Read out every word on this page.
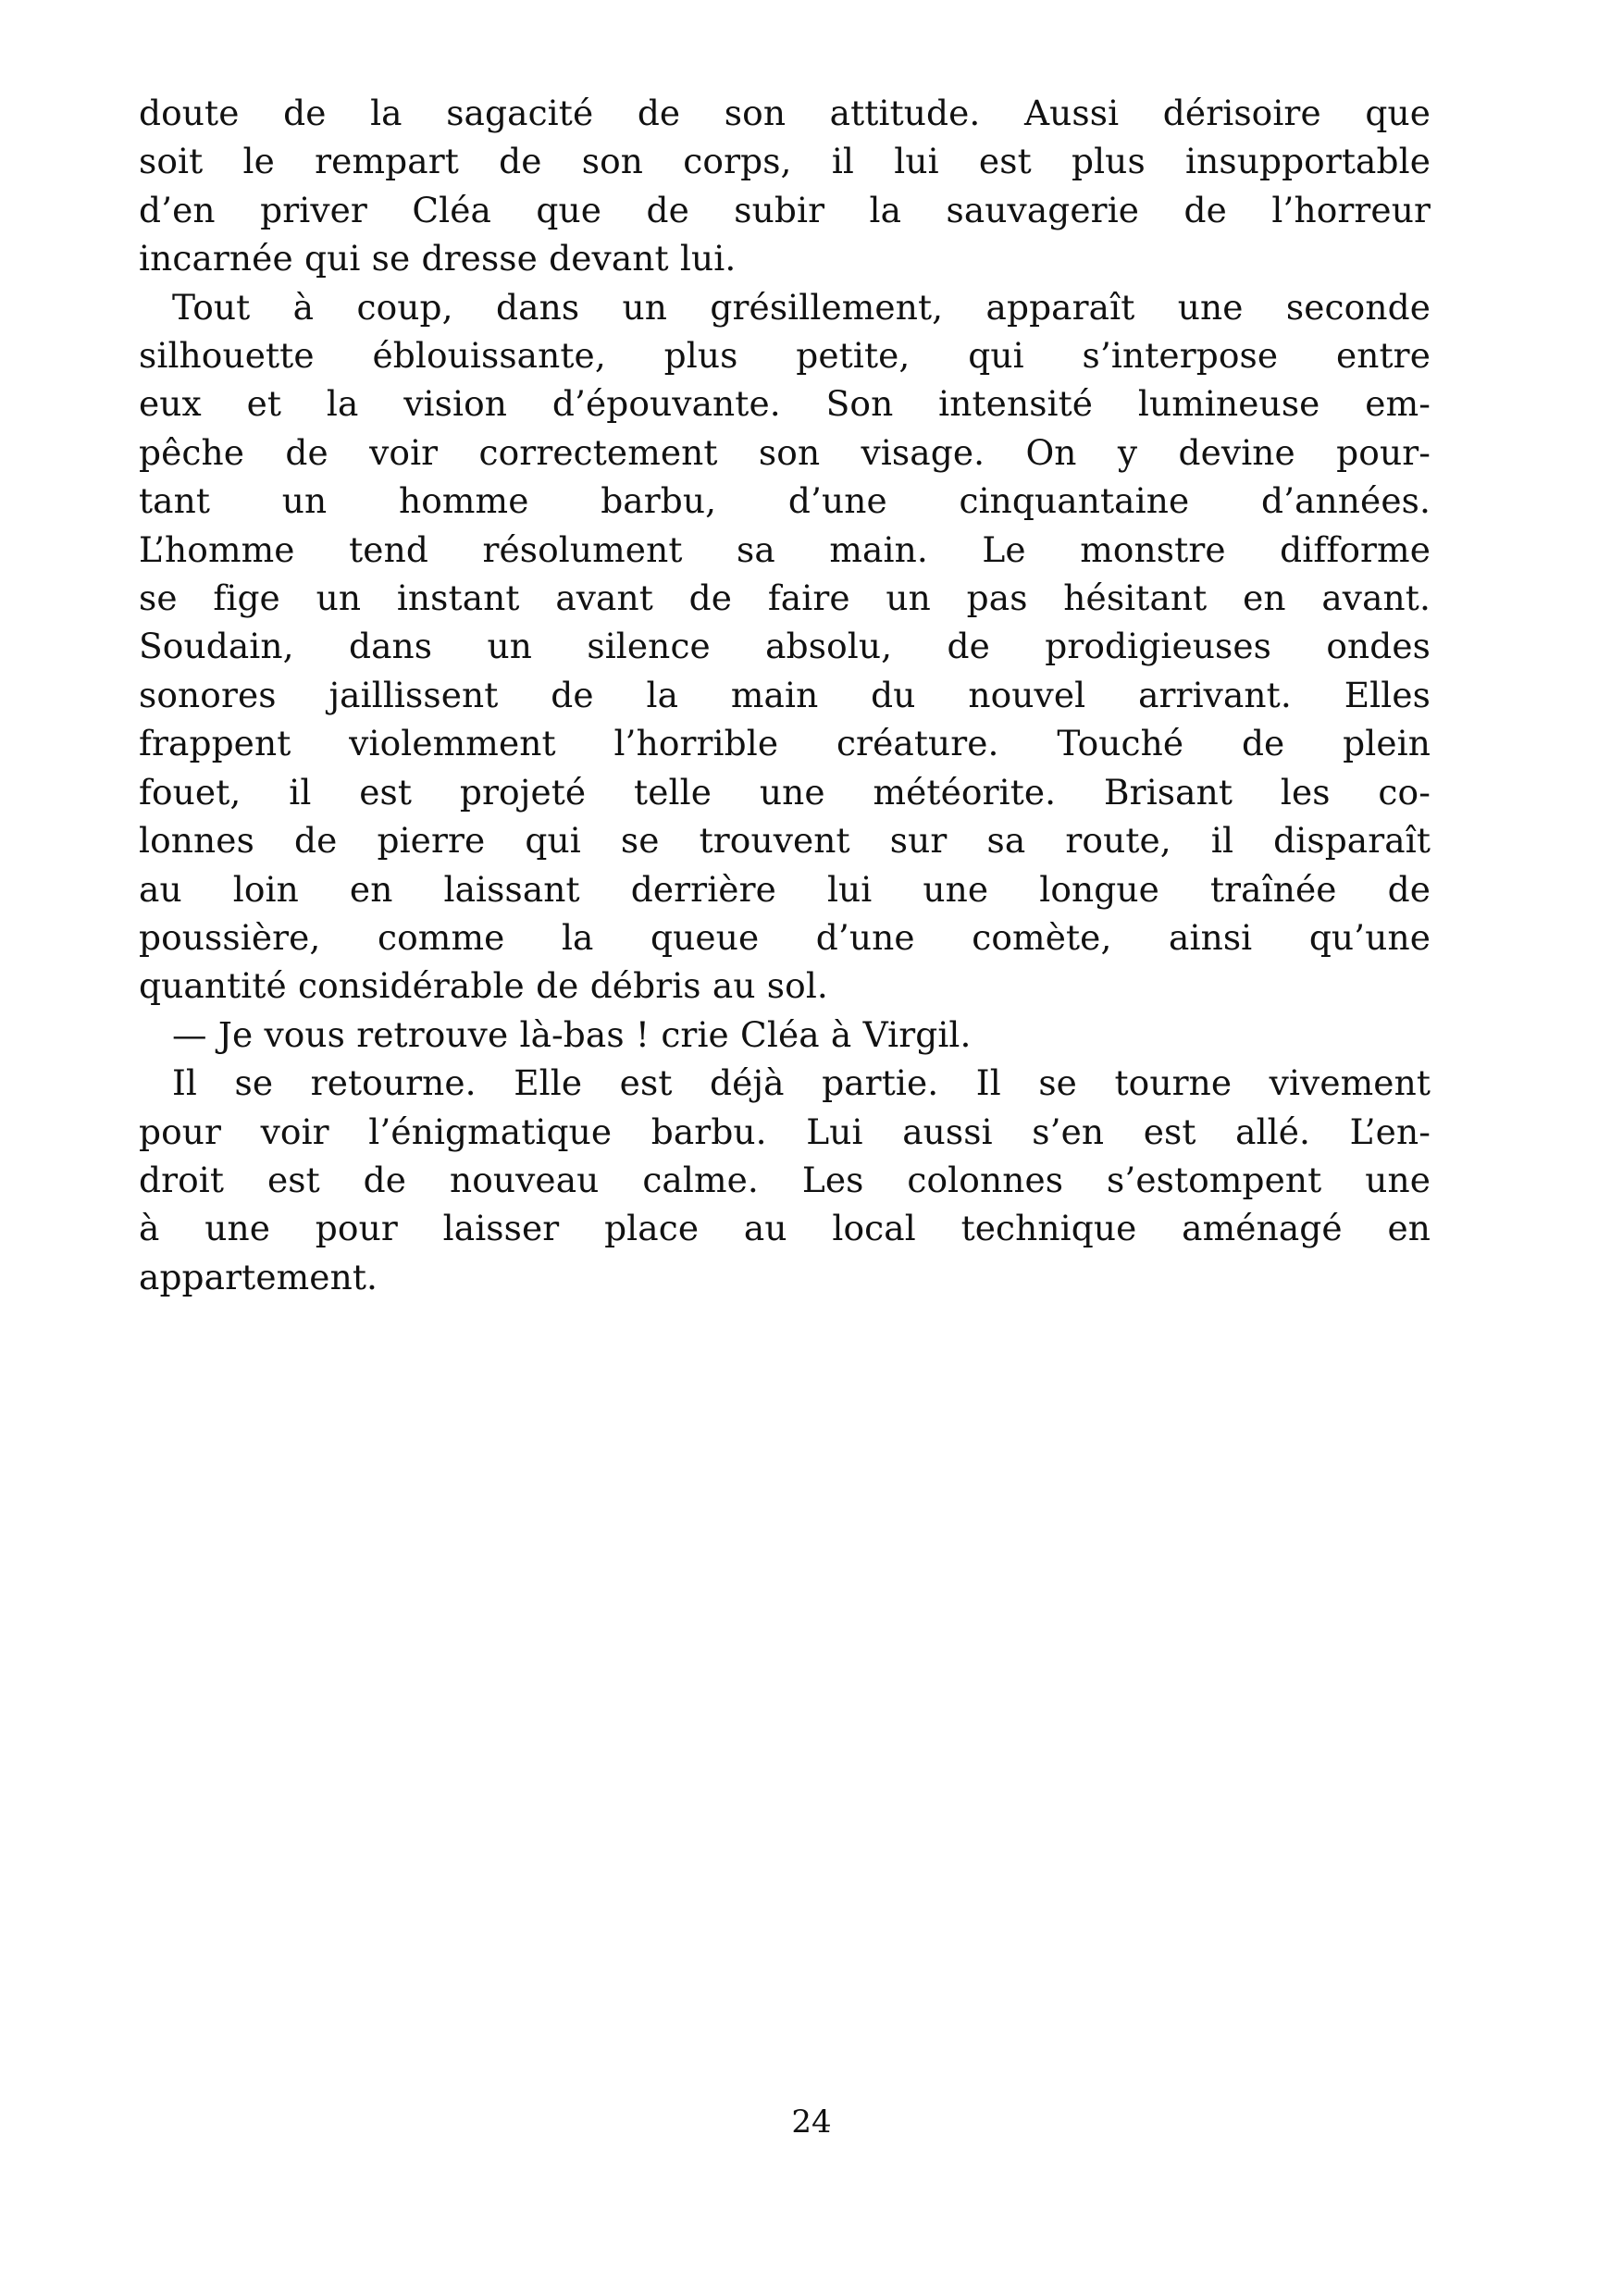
doute de la sagacité de son attitude. Aussi dérisoire que
soit le rempart de son corps, il lui est plus insupportable
d’en priver Cléa que de subir la sauvagerie de l’horreur
incarnée qui se dresse devant lui.

Tout à coup, dans un grésillement, apparaît une seconde
silhouette éblouissante, plus petite, qui s’interpose entre
eux et la vision d’épouvante. Son intensité lumineuse em-
pêche de voir correctement son visage. On y devine pour-
tant un homme barbu, d’une cinquantaine d’années.
L’homme tend résolument sa main. Le monstre difforme
se fige un instant avant de faire un pas hésitant en avant.
Soudain, dans un silence absolu, de prodigieuses ondes
sonores jaillissent de la main du nouvel arrivant. Elles
frappent violemment l’horrible créature. Touché de plein
fouet, il est projeté telle une météorite. Brisant les co-
lonnes de pierre qui se trouvent sur sa route, il disparaît
au loin en laissant derrière lui une longue traînée de
poussière, comme la queue d’une comète, ainsi qu’une
quantité considérable de débris au sol.

— Je vous retrouve là-bas ! crie Cléa à Virgil.

Il se retourne. Elle est déjà partie. Il se tourne vivement
pour voir l’énigmatique barbu. Lui aussi s’en est allé. L’en-
droit est de nouveau calme. Les colonnes s’estompent une
à une pour laisser place au local technique aménagé en
appartement.

24
